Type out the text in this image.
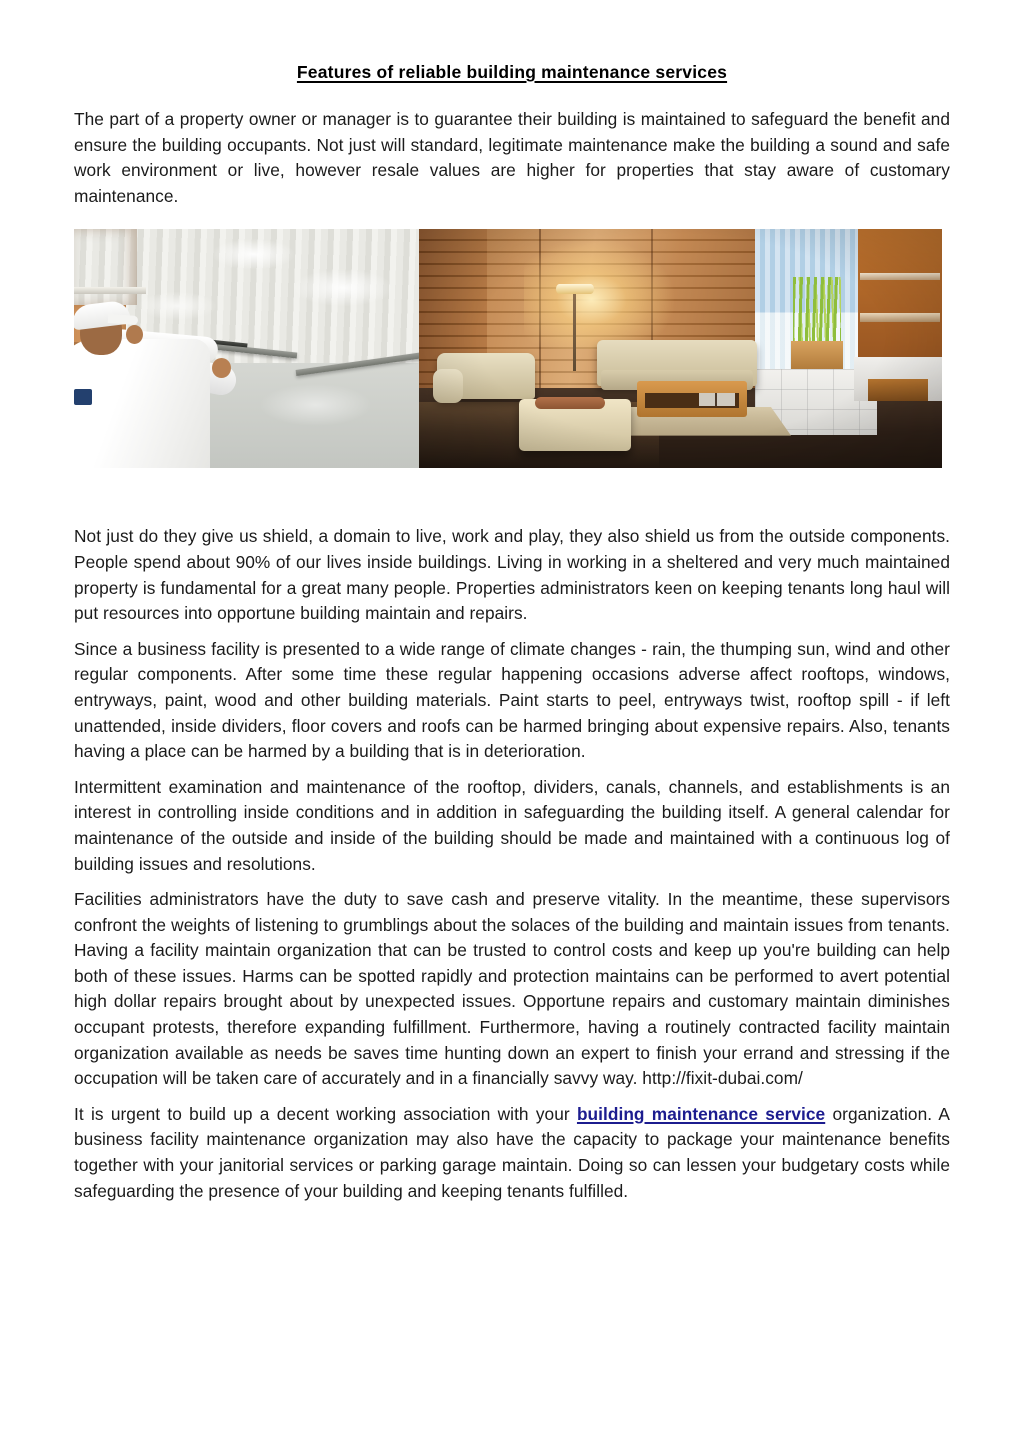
Features of reliable building maintenance services

The part of a property owner or manager is to guarantee their building is maintained to safeguard the benefit and ensure the building occupants. Not just will standard, legitimate maintenance make the building a sound and safe work environment or live, however resale values are higher for properties that stay aware of customary maintenance.

Not just do they give us shield, a domain to live, work and play, they also shield us from the outside components. People spend about 90% of our lives inside buildings. Living in working in a sheltered and very much maintained property is fundamental for a great many people. Properties administrators keen on keeping tenants long haul will put resources into opportune building maintain and repairs.

Since a business facility is presented to a wide range of climate changes - rain, the thumping sun, wind and other regular components. After some time these regular happening occasions adverse affect rooftops, windows, entryways, paint, wood and other building materials. Paint starts to peel, entryways twist, rooftop spill - if left unattended, inside dividers, floor covers and roofs can be harmed bringing about expensive repairs. Also, tenants having a place can be harmed by a building that is in deterioration.

Intermittent examination and maintenance of the rooftop, dividers, canals, channels, and establishments is an interest in controlling inside conditions and in addition in safeguarding the building itself. A general calendar for maintenance of the outside and inside of the building should be made and maintained with a continuous log of building issues and resolutions.

Facilities administrators have the duty to save cash and preserve vitality. In the meantime, these supervisors confront the weights of listening to grumblings about the solaces of the building and maintain issues from tenants. Having a facility maintain organization that can be trusted to control costs and keep up you're building can help both of these issues. Harms can be spotted rapidly and protection maintains can be performed to avert potential high dollar repairs brought about by unexpected issues. Opportune repairs and customary maintain diminishes occupant protests, therefore expanding fulfillment. Furthermore, having a routinely contracted facility maintain organization available as needs be saves time hunting down an expert to finish your errand and stressing if the occupation will be taken care of accurately and in a financially savvy way. http://fixit-dubai.com/

It is urgent to build up a decent working association with your building maintenance service organization. A business facility maintenance organization may also have the capacity to package your maintenance benefits together with your janitorial services or parking garage maintain. Doing so can lessen your budgetary costs while safeguarding the presence of your building and keeping tenants fulfilled.
